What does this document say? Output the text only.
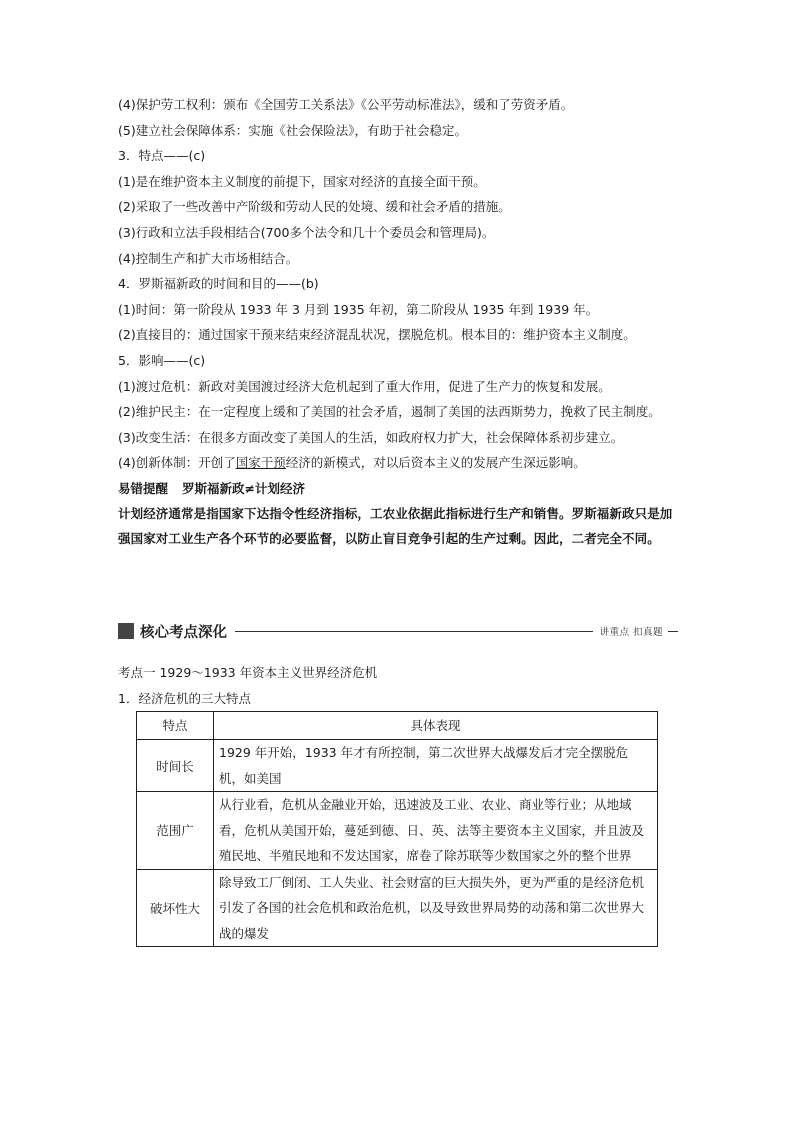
(4)保护劳工权利：颁布《全国劳工关系法》《公平劳动标准法》，缓和了劳资矛盾。
(5)建立社会保障体系：实施《社会保险法》，有助于社会稳定。
3．特点——(c)
(1)是在维护资本主义制度的前提下，国家对经济的直接全面干预。
(2)采取了一些改善中产阶级和劳动人民的处境、缓和社会矛盾的措施。
(3)行政和立法手段相结合(700多个法令和几十个委员会和管理局)。
(4)控制生产和扩大市场相结合。
4．罗斯福新政的时间和目的——(b)
(1)时间：第一阶段从 1933 年 3 月到 1935 年初，第二阶段从 1935 年到 1939 年。
(2)直接目的：通过国家干预来结束经济混乱状况，摆脱危机。根本目的：维护资本主义制度。
5．影响——(c)
(1)渡过危机：新政对美国渡过经济大危机起到了重大作用，促进了生产力的恢复和发展。
(2)维护民主：在一定程度上缓和了美国的社会矛盾，遏制了美国的法西斯势力，挽救了民主制度。
(3)改变生活：在很多方面改变了美国人的生活，如政府权力扩大，社会保障体系初步建立。
(4)创新体制：开创了国家干预经济的新模式，对以后资本主义的发展产生深远影响。
易错提醒 罗斯福新政≠计划经济
计划经济通常是指国家下达指令性经济指标，工农业依据此指标进行生产和销售。罗斯福新政只是加强国家对工业生产各个环节的必要监督，以防止盲目竞争引起的生产过剩。因此，二者完全不同。
核心考点深化	讲重点 扣真题
考点一 1929～1933 年资本主义世界经济危机
1．经济危机的三大特点
特点	具体表现
时间长	1929 年开始，1933 年才有所控制，第二次世界大战爆发后才完全摆脱危机，如美国
范围广	从行业看，危机从金融业开始，迅速波及工业、农业、商业等行业；从地域看，危机从美国开始，蔓延到德、日、英、法等主要资本主义国家，并且波及殖民地、半殖民地和不发达国家，席卷了除苏联等少数国家之外的整个世界
破坏性大	除导致工厂倒闭、工人失业、社会财富的巨大损失外，更为严重的是经济危机引发了各国的社会危机和政治危机，以及导致世界局势的动荡和第二次世界大战的爆发
